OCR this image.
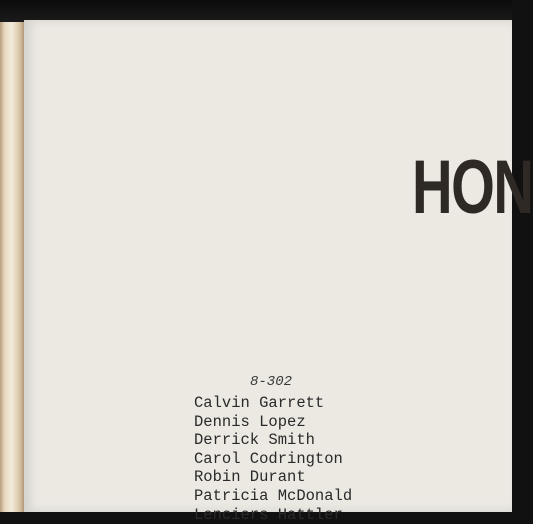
HON
8-302
Calvin Garrett
Dennis Lopez
Derrick Smith
Carol Codrington
Robin Durant
Patricia McDonald
Lenciers Hattler
